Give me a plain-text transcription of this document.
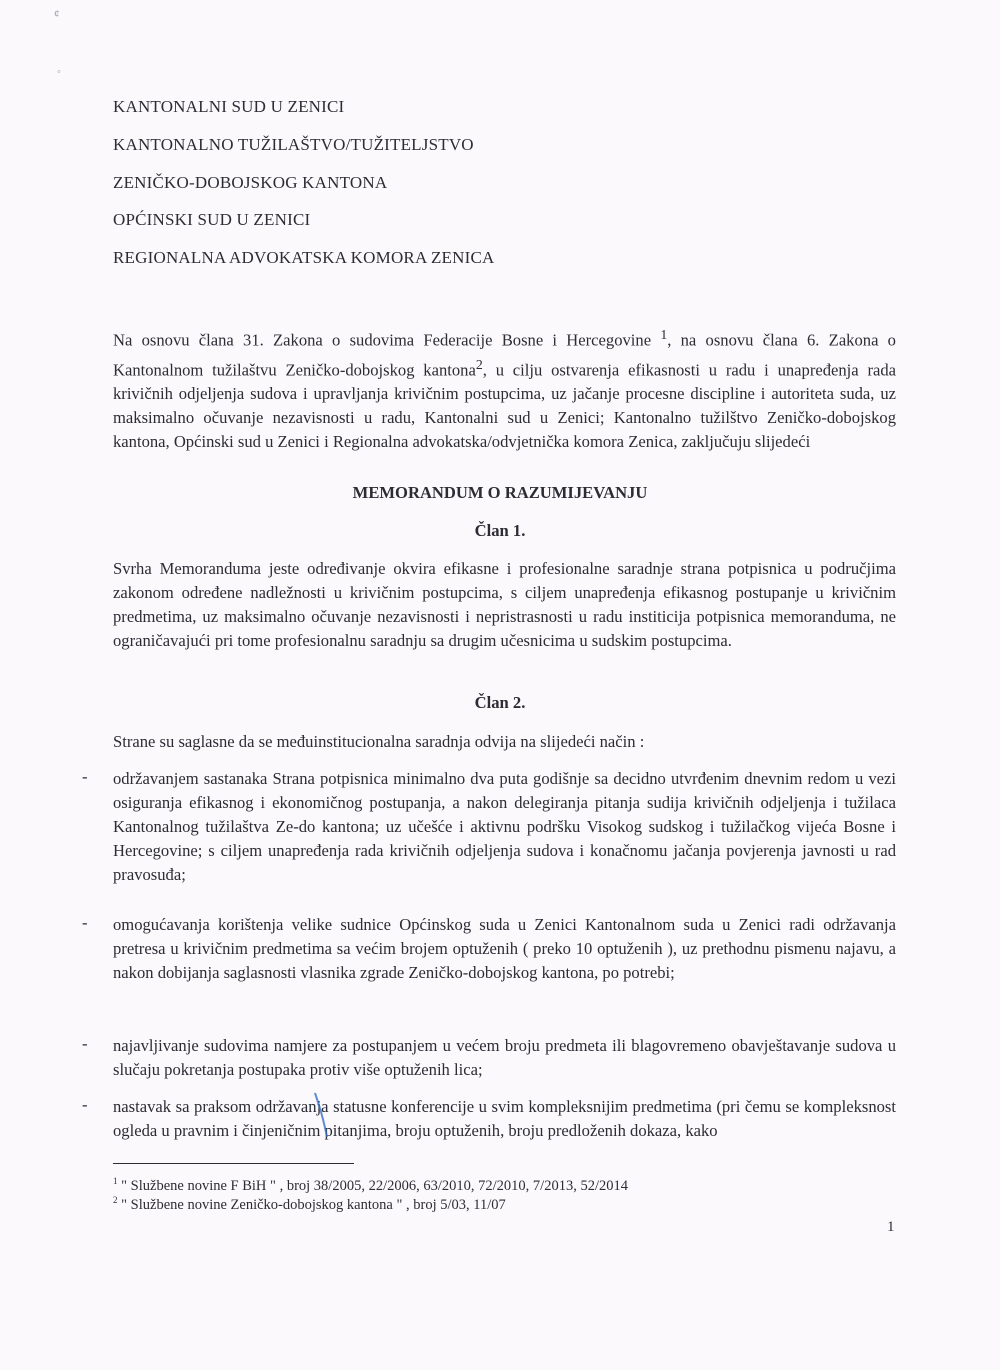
¢
◦
KANTONALNI SUD U ZENICI
KANTONALNO TUŽILAŠTVO/TUŽITELJSTVO
ZENIČKO-DOBOJSKOG KANTONA
OPĆINSKI SUD U ZENICI
REGIONALNA ADVOKATSKA KOMORA ZENICA

Na osnovu člana 31. Zakona o sudovima Federacije Bosne i Hercegovine $^1$, na osnovu člana 6. Zakona o Kantonalnom tužilaštvu Zeničko-dobojskog kantona$^2$, u cilju ostvarenja efikasnosti u radu i unapređenja rada krivičnih odjeljenja sudova i upravljanja krivičnim postupcima, uz jačanje procesne discipline i autoriteta suda, uz maksimalno očuvanje nezavisnosti u radu, Kantonalni sud u Zenici; Kantonalno tužilštvo Zeničko-dobojskog kantona, Općinski sud u Zenici i Regionalna advokatska/odvjetnička komora Zenica, zaključuju slijedeći

MEMORANDUM O RAZUMIJEVANJU
Član 1.

Svrha Memoranduma jeste određivanje okvira efikasne i profesionalne saradnje strana potpisnica u područjima zakonom određene nadležnosti u krivičnim postupcima, s ciljem unapređenja efikasnog postupanje u krivičnim predmetima, uz maksimalno očuvanje nezavisnosti i nepristrasnosti u radu institicija potpisnica memoranduma, ne ograničavajući pri tome profesionalnu saradnju sa drugim učesnicima u sudskim postupcima.

Član 2.

Strane su saglasne da se međuinstitucionalna saradnja odvija na slijedeći način :

- održavanjem sastanaka Strana potpisnica minimalno dva puta godišnje sa decidno utvrđenim dnevnim redom u vezi osiguranja efikasnog i ekonomičnog postupanja, a nakon delegiranja pitanja sudija krivičnih odjeljenja i tužilaca Kantonalnog tužilaštva Ze-do kantona; uz učešće i aktivnu podršku Visokog sudskog i tužilačkog vijeća Bosne i Hercegovine; s ciljem unapređenja rada krivičnih odjeljenja sudova i konačnomu jačanja povjerenja javnosti u rad pravosuđa;

- omogućavanja korištenja velike sudnice Općinskog suda u Zenici Kantonalnom suda u Zenici radi održavanja pretresa u krivičnim predmetima sa većim brojem optuženih ( preko 10 optuženih ), uz prethodnu pismenu najavu, a nakon dobijanja saglasnosti vlasnika zgrade Zeničko-dobojskog kantona, po potrebi;

- najavljivanje sudovima namjere za postupanjem u većem broju predmeta ili blagovremeno obavještavanje sudova u slučaju pokretanja postupaka protiv više optuženih lica;

- nastavak sa praksom održavanja statusne konferencije u svim kompleksnijim predmetima (pri čemu se kompleksnost ogleda u pravnim i činjeničnim pitanjima, broju optuženih, broju predloženih dokaza, kako

$^1$ " Službene novine F BiH " , broj 38/2005, 22/2006, 63/2010, 72/2010, 7/2013, 52/2014
$^2$ " Službene novine Zeničko-dobojskog kantona " , broj 5/03, 11/07
1
